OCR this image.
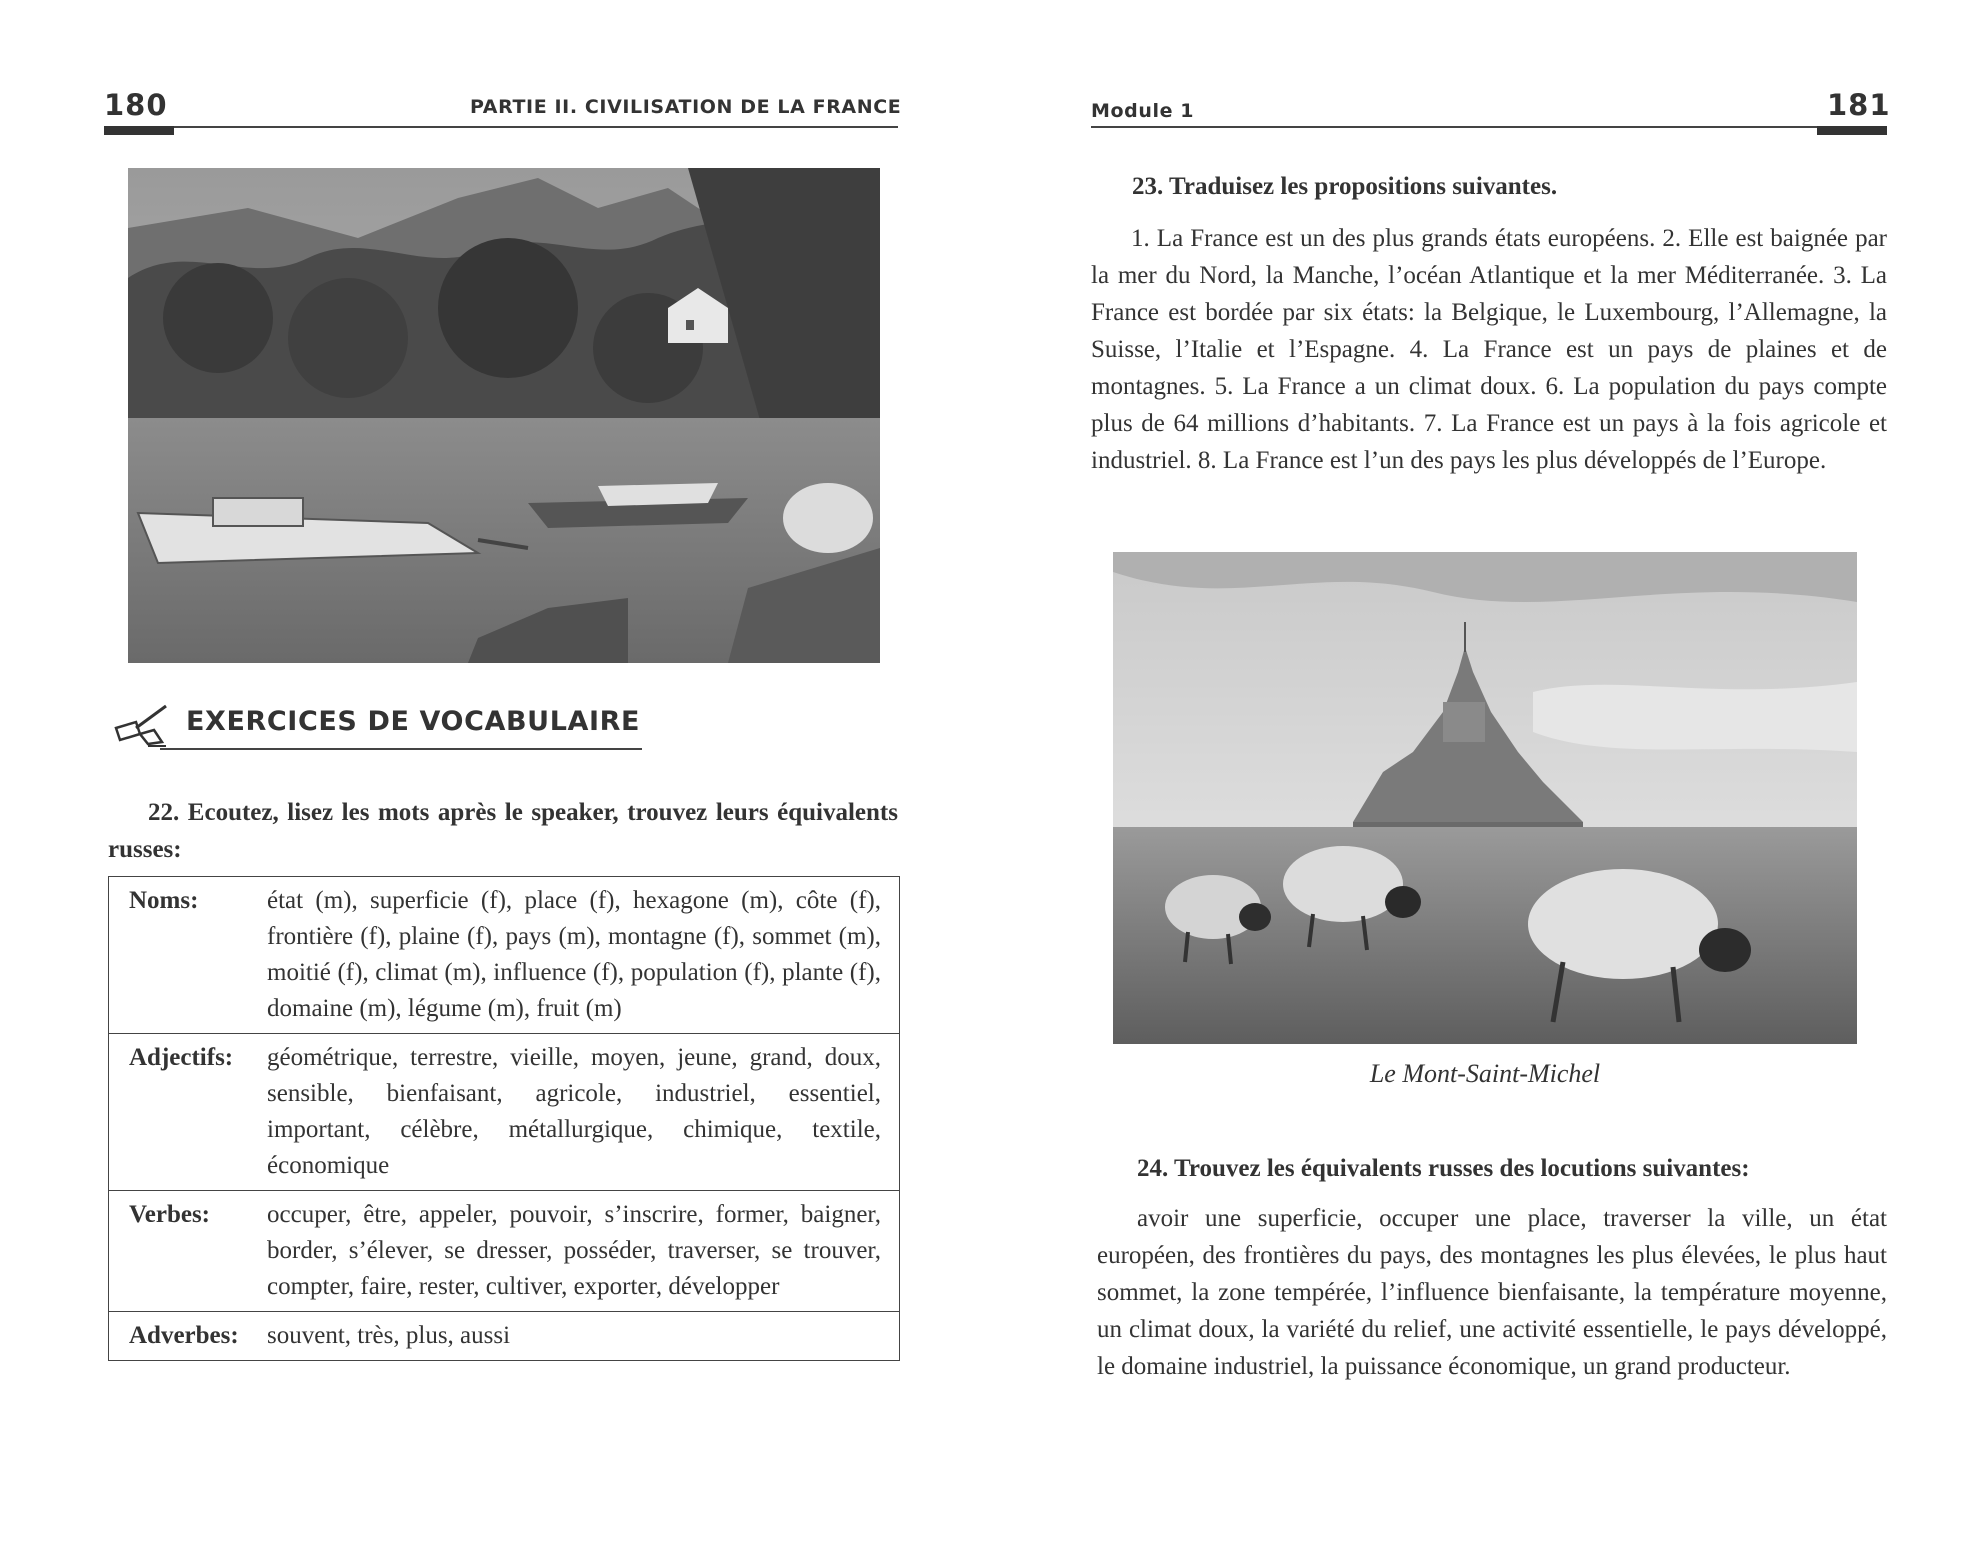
180	PARTIE II. CIVILISATION DE LA FRANCE
EXERCICES DE VOCABULAIRE
22. Ecoutez, lisez les mots après le speaker, trouvez leurs équivalents russes:
Noms:	état (m), superficie (f), place (f), hexagone (m), côte (f), frontière (f), plaine (f), pays (m), montagne (f), sommet (m), moitié (f), climat (m), influence (f), population (f), plante (f), domaine (m), légume (m), fruit (m)
Adjectifs:	géométrique, terrestre, vieille, moyen, jeune, grand, doux, sensible, bienfaisant, agricole, industriel, essentiel, important, célèbre, métallurgique, chimique, textile, économique
Verbes:	occuper, être, appeler, pouvoir, s’inscrire, former, baigner, border, s’élever, se dresser, posséder, traverser, se trouver, compter, faire, rester, cultiver, exporter, développer
Adverbes:	souvent, très, plus, aussi
Module 1	181
23. Traduisez les propositions suivantes.
1. La France est un des plus grands états européens. 2. Elle est baignée par la mer du Nord, la Manche, l’océan Atlantique et la mer Méditerranée. 3. La France est bordée par six états: la Belgique, le Luxembourg, l’Allemagne, la Suisse, l’Italie et l’Espagne. 4. La France est un pays de plaines et de montagnes. 5. La France a un climat doux. 6. La population du pays compte plus de 64 millions d’habitants. 7. La France est un pays à la fois agricole et industriel. 8. La France est l’un des pays les plus développés de l’Europe.
Le Mont-Saint-Michel
24. Trouvez les équivalents russes des locutions suivantes:
avoir une superficie, occuper une place, traverser la ville, un état européen, des frontières du pays, des montagnes les plus élevées, le plus haut sommet, la zone tempérée, l’influence bienfaisante, la température moyenne, un climat doux, la variété du relief, une activité essentielle, le pays développé, le domaine industriel, la puissance économique, un grand producteur.
